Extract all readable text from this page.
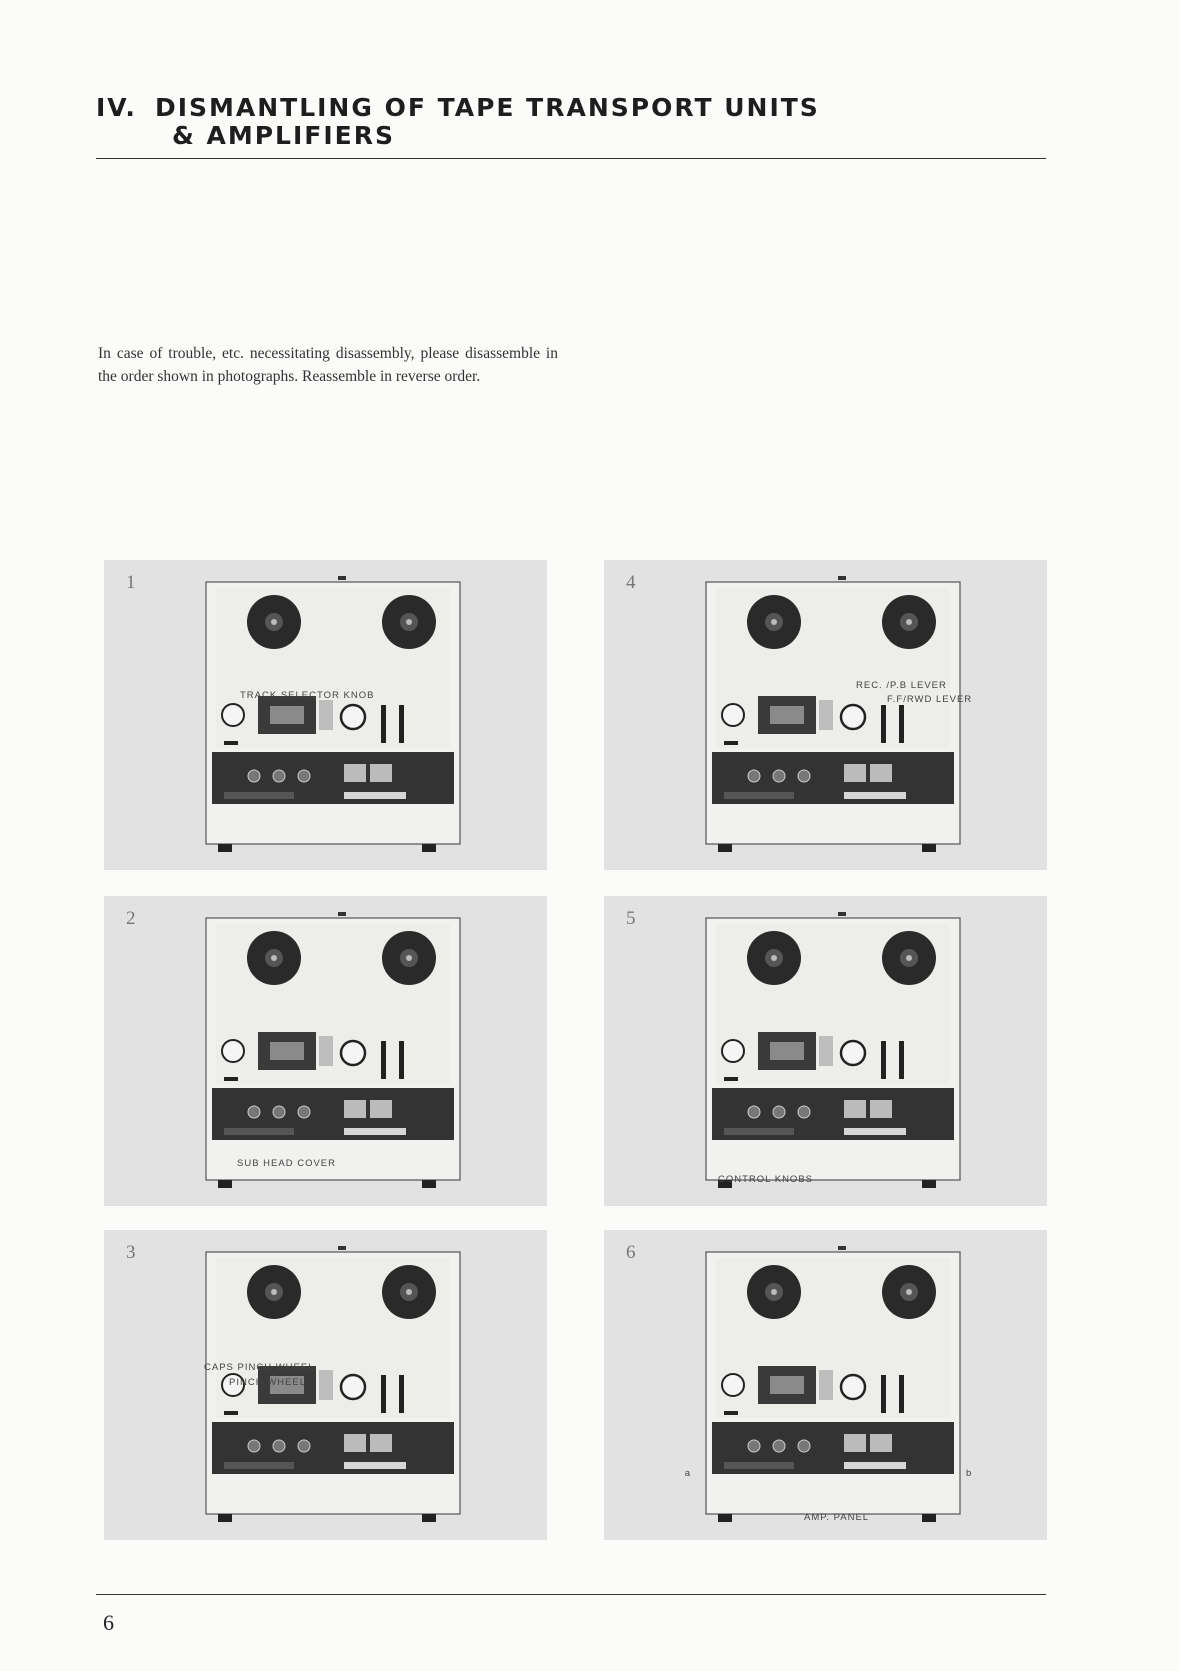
IV. DISMANTLING OF TAPE TRANSPORT UNITS
& AMPLIFIERS

In case of trouble, etc. necessitating disassembly, please disassemble in the order shown in photographs. Reassemble in reverse order.

1
TRACK SELECTOR KNOB
2
SUB HEAD COVER
3
CAPS PINCH WHEEL
PINCH WHEEL
4
REC. /P.B LEVER
F.F/RWD LEVER
5
CONTROL KNOBS
6
AMP. PANEL
a	b
6
